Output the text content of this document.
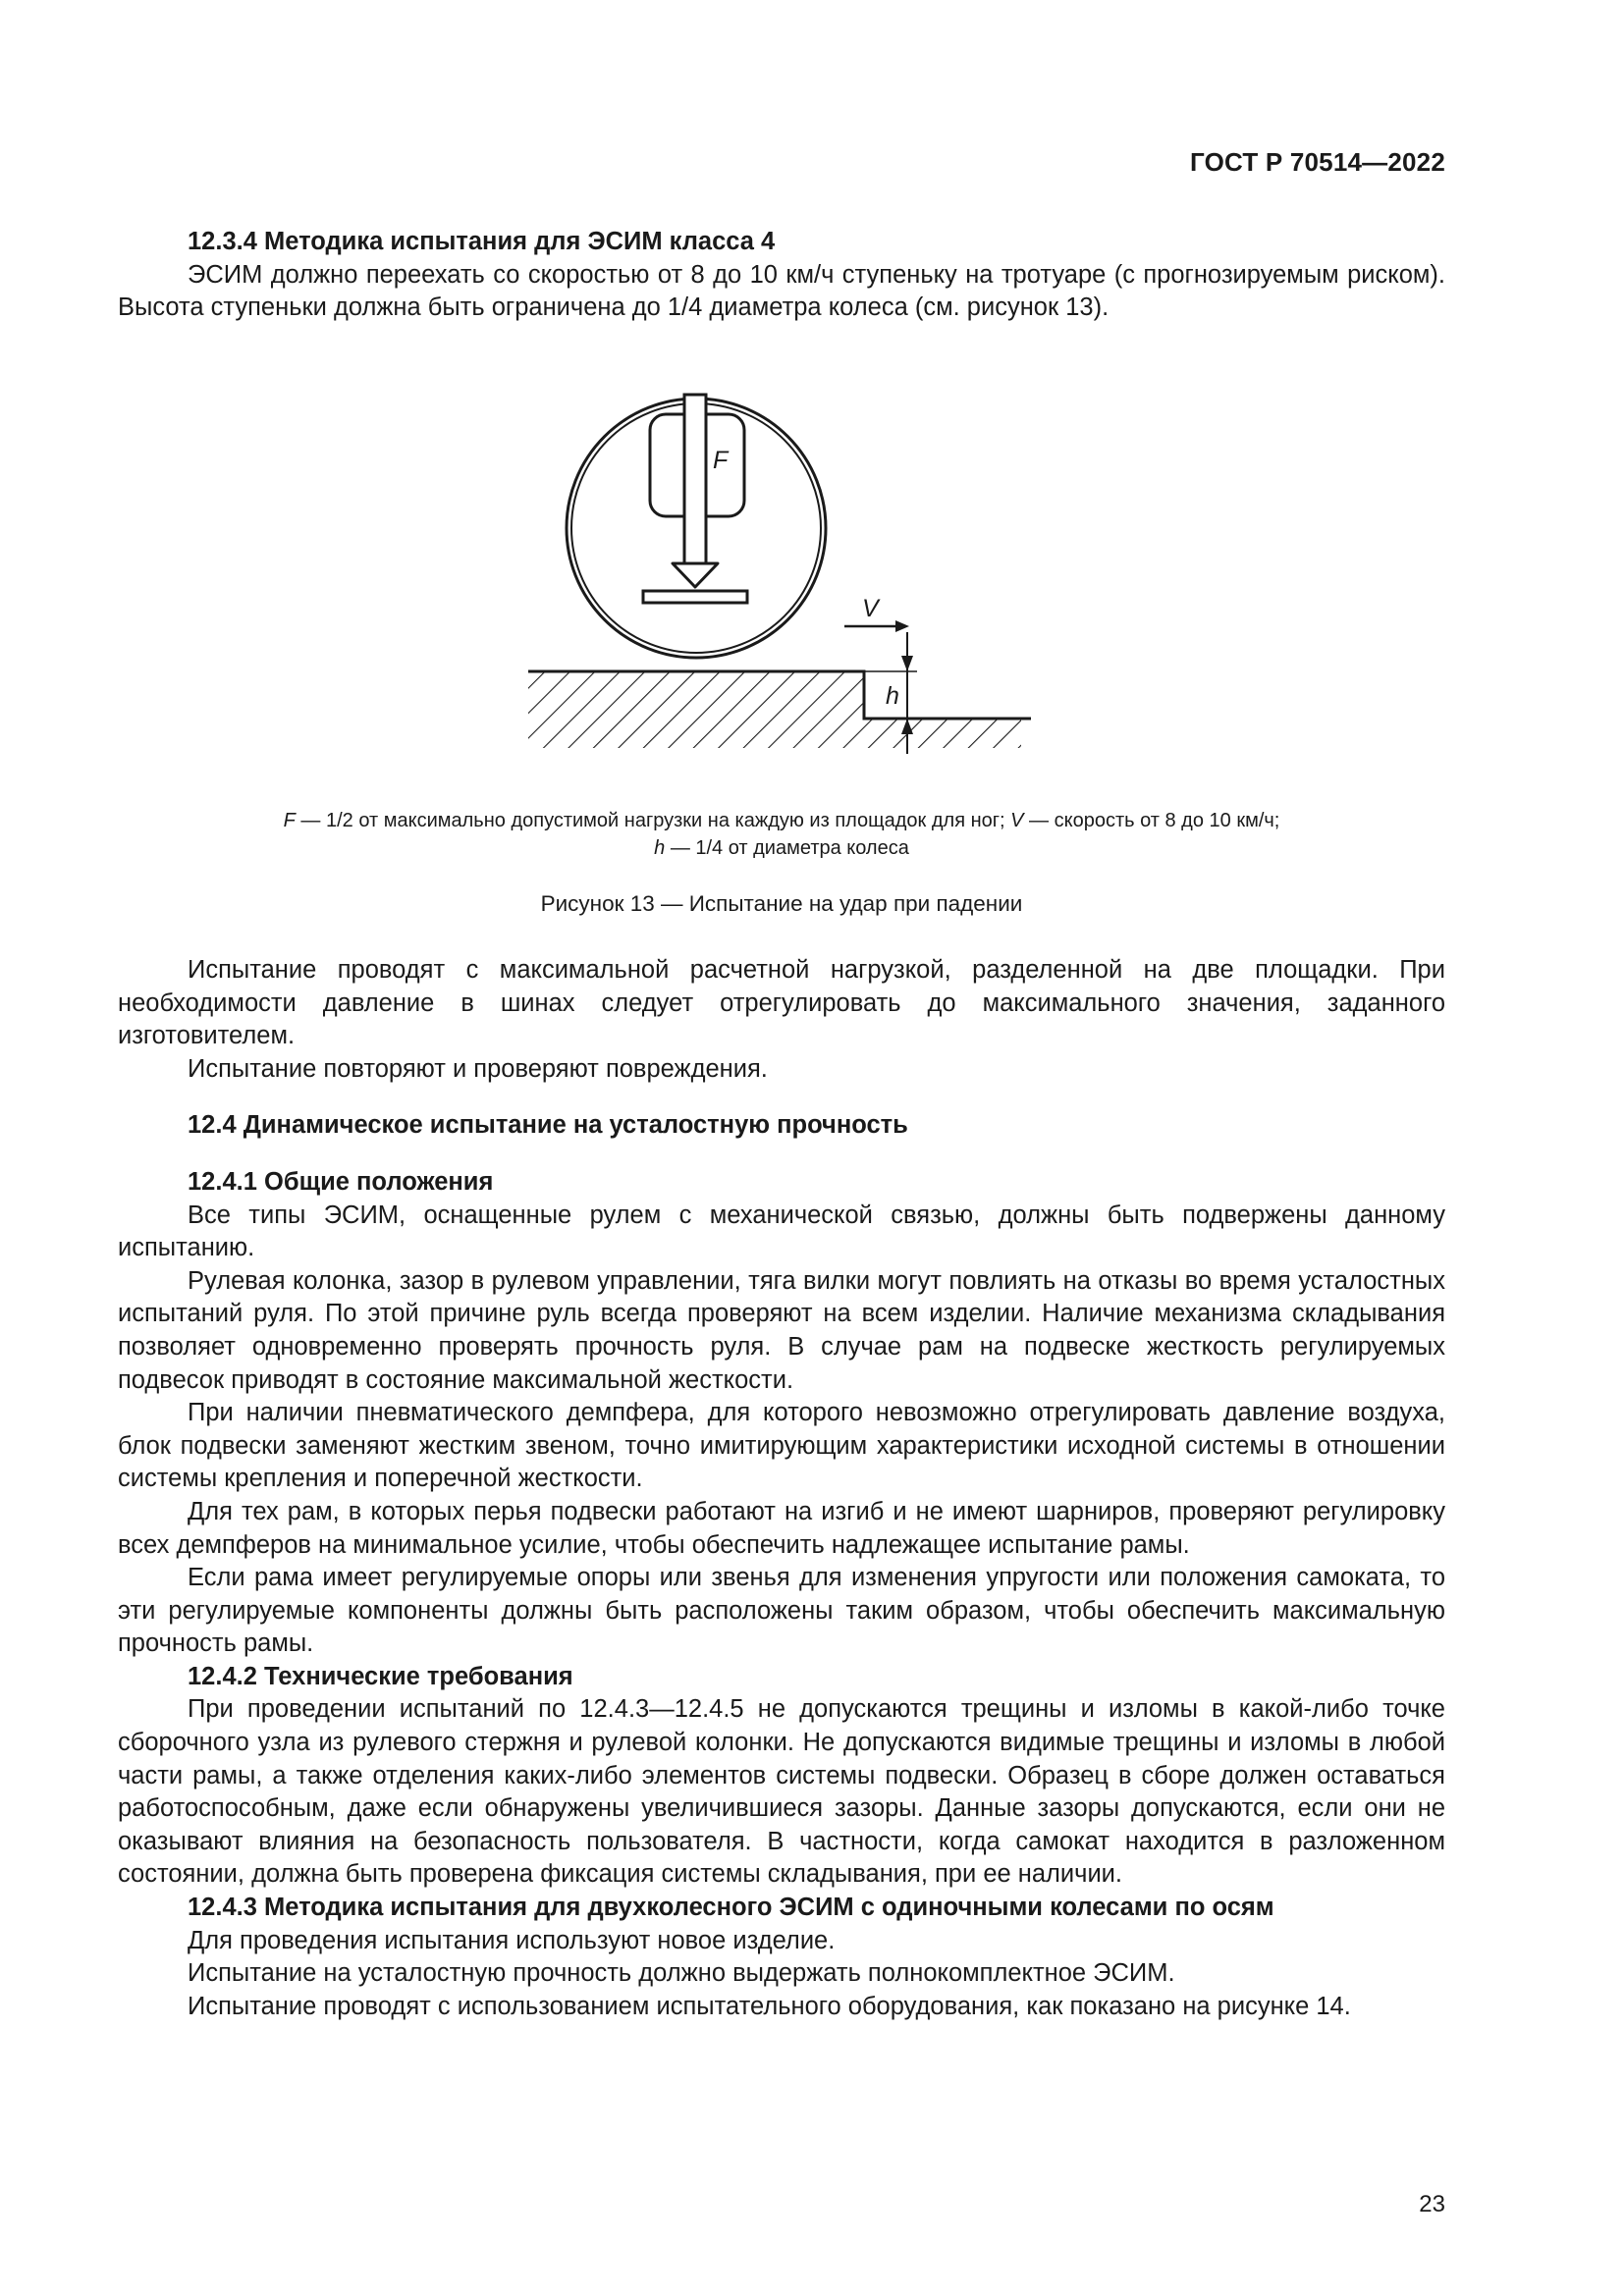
ГОСТ Р 70514—2022

12.3.4 Методика испытания для ЭСИМ класса 4

ЭСИМ должно переехать со скоростью от 8 до 10 км/ч ступеньку на тротуаре (с прогнозируемым риском). Высота ступеньки должна быть ограничена до 1/4 диаметра колеса (см. рисунок 13).

F
V
h
F — 1/2 от максимально допустимой нагрузки на каждую из площадок для ног; V — скорость от 8 до 10 км/ч;
h — 1/4 от диаметра колеса
Рисунок 13 — Испытание на удар при падении

Испытание проводят с максимальной расчетной нагрузкой, разделенной на две площадки. При необходимости давление в шинах следует отрегулировать до максимального значения, заданного изготовителем.

Испытание повторяют и проверяют повреждения.

12.4 Динамическое испытание на усталостную прочность

12.4.1 Общие положения

Все типы ЭСИМ, оснащенные рулем с механической связью, должны быть подвержены данному испытанию.

Рулевая колонка, зазор в рулевом управлении, тяга вилки могут повлиять на отказы во время усталостных испытаний руля. По этой причине руль всегда проверяют на всем изделии. Наличие механизма складывания позволяет одновременно проверять прочность руля. В случае рам на подвеске жесткость регулируемых подвесок приводят в состояние максимальной жесткости.

При наличии пневматического демпфера, для которого невозможно отрегулировать давление воздуха, блок подвески заменяют жестким звеном, точно имитирующим характеристики исходной системы в отношении системы крепления и поперечной жесткости.

Для тех рам, в которых перья подвески работают на изгиб и не имеют шарниров, проверяют регулировку всех демпферов на минимальное усилие, чтобы обеспечить надлежащее испытание рамы.

Если рама имеет регулируемые опоры или звенья для изменения упругости или положения самоката, то эти регулируемые компоненты должны быть расположены таким образом, чтобы обеспечить максимальную прочность рамы.

12.4.2 Технические требования

При проведении испытаний по 12.4.3—12.4.5 не допускаются трещины и изломы в какой-либо точке сборочного узла из рулевого стержня и рулевой колонки. Не допускаются видимые трещины и изломы в любой части рамы, а также отделения каких-либо элементов системы подвески. Образец в сборе должен оставаться работоспособным, даже если обнаружены увеличившиеся зазоры. Данные зазоры допускаются, если они не оказывают влияния на безопасность пользователя. В частности, когда самокат находится в разложенном состоянии, должна быть проверена фиксация системы складывания, при ее наличии.

12.4.3 Методика испытания для двухколесного ЭСИМ с одиночными колесами по осям

Для проведения испытания используют новое изделие.

Испытание на усталостную прочность должно выдержать полнокомплектное ЭСИМ.

Испытание проводят с использованием испытательного оборудования, как показано на рисунке 14.

23
